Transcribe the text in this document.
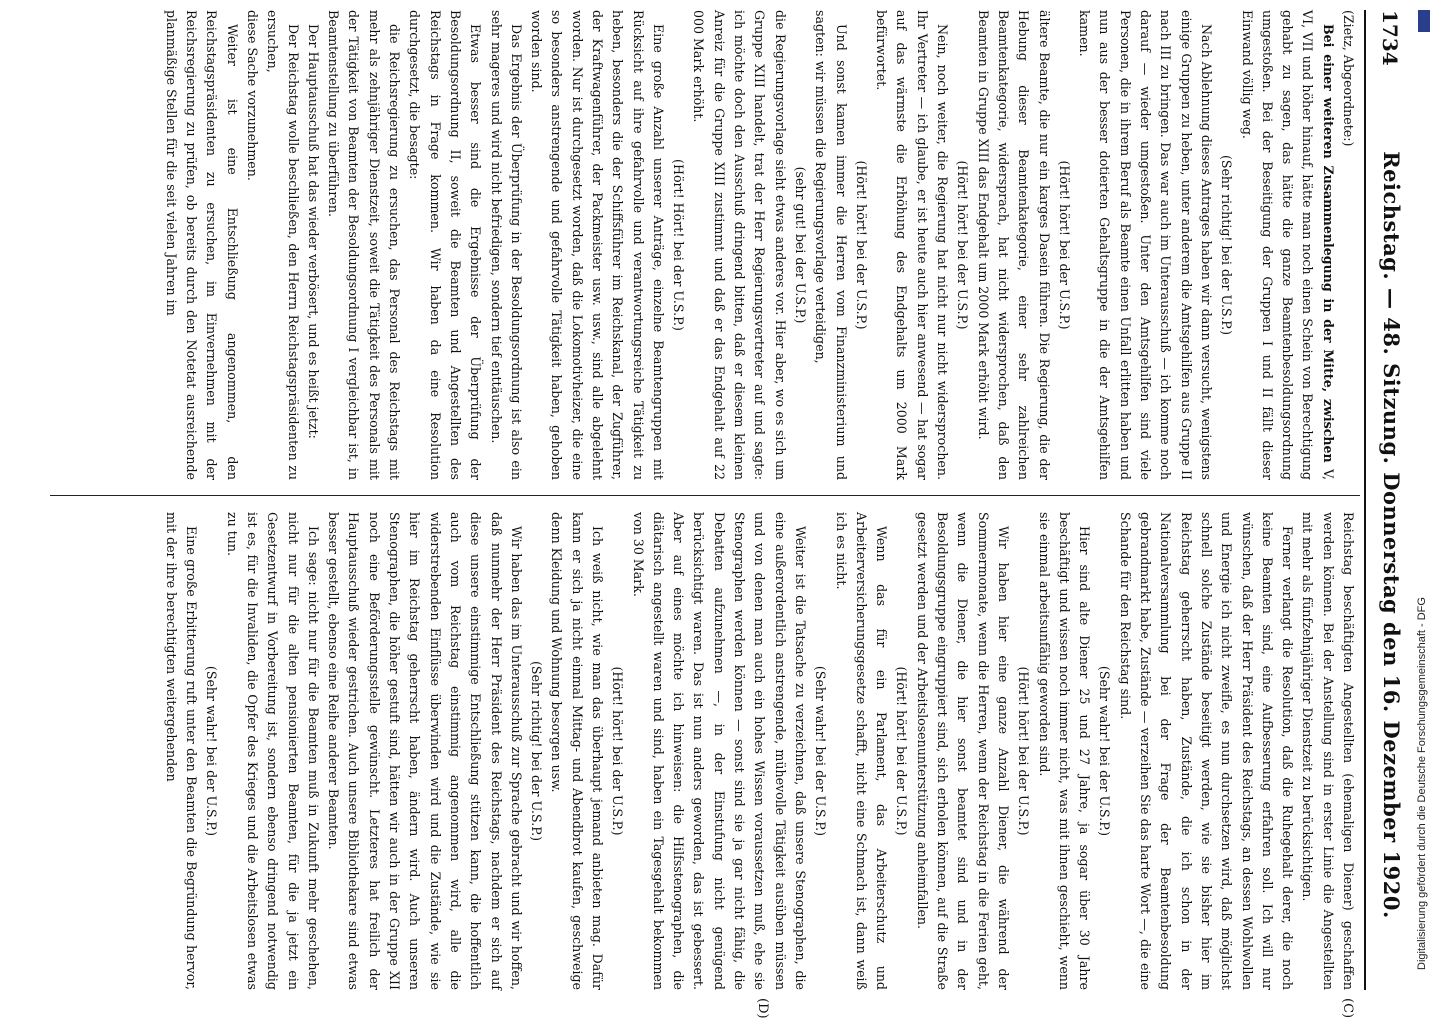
1734
Reichstag. — 48. Sitzung. Donnerstag den 16. Dezember 1920.
(C)
(D)

(Zietz, Abgeordnete:)

Bei einer weiteren Zusammenlegung in der Mitte, zwischen V, VI, VII und höher hinauf, hätte man noch einen Schein von Berechtigung gehabt zu sagen, das hätte die ganze Beamtenbesoldungsordnung umgestoßen. Bei der Beseitigung der Gruppen I und II fällt dieser Einwand völlig weg.

(Sehr richtig! bei der U.S.P.)

Nach Ablehnung dieses Antrages haben wir dann versucht, wenigstens einige Gruppen zu heben, unter anderem die Amtsgehilfen aus Gruppe II nach III zu bringen. Das war auch im Unterausschuß — ich komme noch darauf — wieder umgestoßen. Unter den Amtsgehilfen sind viele Personen, die in ihrem Beruf als Beamte einen Unfall erlitten haben und nun aus der besser dotierten Gehaltsgruppe in die der Amtsgehilfen kamen.

(Hört! hört! bei der U.S.P.)

ältere Beamte, die nur ein karges Dasein führen. Die Regierung, die der Hebung dieser Beamtenkategorie, einer sehr zahlreichen Beamtenkategorie, widersprach, hat nicht widersprochen, daß den Beamten in Gruppe XIII das Endgehalt um 2000 Mark erhöht wird.

(Hört! hört! bei der U.S.P.)

Nein, noch weiter, die Regierung hat nicht nur nicht widersprochen. Ihr Vertreter — ich glaube, er ist heute auch hier anwesend — hat sogar auf das wärmste die Erhöhung des Endgehalts um 2000 Mark befürwortet.

(Hört! hört! bei der U.S.P.)

Und sonst kamen immer die Herren vom Finanzministerium und sagten: wir müssen die Regierungsvorlage verteidigen,

(sehr gut! bei der U.S.P.)

die Regierungsvorlage sieht etwas anderes vor. Hier aber, wo es sich um Gruppe XIII handelt, trat der Herr Regierungsvertreter auf und sagte: ich möchte doch den Ausschuß dringend bitten, daß er diesem kleinen Anreiz für die Gruppe XIII zustimmt und daß er das Endgehalt auf 22 000 Mark erhöht.

(Hört! Hört! bei der U.S.P.)

Eine große Anzahl unserer Anträge, einzelne Beamtengruppen mit Rücksicht auf ihre gefahrvolle und verantwortungsreiche Tätigkeit zu heben, besonders die der Schiffsführer im Reichskanal, der Zugführer, der Kraftwagenführer, der Packmeister usw. usw., sind alle abgelehnt worden. Nur ist durchgesetzt worden, daß die Lokomotivheizer, die eine so besonders anstrengende und gefahrvolle Tätigkeit haben, gehoben worden sind.

Das Ergebnis der Überprüfung in der Besoldungsordnung ist also ein sehr mageres und wird nicht befriedigen, sondern tief enttäuschen.

Etwas besser sind die Ergebnisse der Überprüfung der Besoldungsordnung II, soweit die Beamten und Angestellten des Reichstags in Frage kommen. Wir haben da eine Resolution durchgesetzt, die besagte:

die Reichsregierung zu ersuchen, das Personal des Reichstags mit mehr als zehnjähriger Dienstzeit, soweit die Tätigkeit des Personals mit der Tätigkeit von Beamten der Besoldungsordnung I vergleichbar ist, in Beamtenstellung zu überführen.

Der Hauptausschuß hat das wieder verbösert, und es heißt jetzt:

Der Reichstag wolle beschließen, den Herrn Reichstagspräsidenten zu ersuchen,

diese Sache vorzunehmen.

Weiter ist eine Entschließung angenommen, den Reichstagspräsidenten zu ersuchen, im Einvernehmen mit der Reichsregierung zu prüfen, ob bereits durch den Notetat ausreichende planmäßige Stellen für die seit vielen Jahren im

Reichstag beschäftigten Angestellten (ehemaligen Diener) geschaffen werden können. Bei der Anstellung sind in erster Linie die Angestellten mit mehr als fünfzehnjähriger Dienstzeit zu berücksichtigen.

Ferner verlangt die Resolution, daß die Ruhegehalt derer, die noch keine Beamten sind, eine Aufbesserung erfahren soll. Ich will nur wünschen, daß der Herr Präsident des Reichstags, an dessen Wohlwollen und Energie ich nicht zweifle, es nun durchsetzen wird, daß möglichst schnell solche Zustände beseitigt werden, wie sie bisher hier im Reichstag geherrscht haben, Zustände, die ich schon in der Nationalversammlung bei der Frage der Beamtenbesoldung gebrandmarkt habe, Zustände — verzeihen Sie das harte Wort —, die eine Schande für den Reichstag sind.

(Sehr wahr! bei der U.S.P.)

Hier sind alte Diener 25 und 27 Jahre, ja sogar über 30 Jahre beschäftigt und wissen noch immer nicht, was mit ihnen geschieht, wenn sie einmal arbeitsunfähig geworden sind.

(Hört! hört! bei der U.S.P.)

Wir haben hier eine ganze Anzahl Diener, die während der Sommermonate, wenn die Herren, wenn der Reichstag in die Ferien geht, wenn die Diener, die hier sonst beamtet sind und in der Besoldungsgruppe eingruppiert sind, sich erholen können, auf die Straße gesetzt werden und der Arbeitslosenunterstützung anheimfallen.

(Hört! hört! bei der U.S.P.)

Wenn das für ein Parlament, das Arbeiterschutz und Arbeiterversicherungsgesetze schafft, nicht eine Schmach ist, dann weiß ich es nicht.

(Sehr wahr! bei der U.S.P.)

Weiter ist die Tatsache zu verzeichnen, daß unsere Stenographen, die eine außerordentlich anstrengende, mühevolle Tätigkeit ausüben müssen und von denen man auch ein hohes Wissen voraussetzen muß, ehe sie Stenographen werden können — sonst sind sie ja gar nicht fähig, die Debatten aufzunehmen —, in der Einstufung nicht genügend berücksichtigt waren. Das ist nun anders geworden, das ist gebessert. Aber auf eines möchte ich hinweisen: die Hilfsstenographen, die diätarisch angestellt waren und sind, haben ein Tagesgehalt bekommen von 30 Mark.

(Hört! hört! bei der U.S.P.)

Ich weiß nicht, wie man das überhaupt jemand anbieten mag. Dafür kann er sich ja nicht einmal Mittag- und Abendbrot kaufen, geschweige denn Kleidung und Wohnung besorgen usw.

(Sehr richtig! bei der U.S.P.)

Wir haben das im Unterausschuß zur Sprache gebracht und wir hoffen, daß nunmehr der Herr Präsident des Reichstags, nachdem er sich auf diese unsere einstimmige Entschließung stützen kann, die hoffentlich auch vom Reichstag einstimmig angenommen wird, alle die widerstrebenden Einflüsse überwinden wird und die Zustände, wie sie hier im Reichstag geherrscht haben, ändern wird. Auch unseren Stenographen, die höher gestuft sind, hätten wir auch in der Gruppe XII noch eine Beförderungsstelle gewünscht. Letzteres hat freilich der Hauptausschuß wieder gestrichen. Auch unsere Bibliothekare sind etwas besser gestellt, ebenso eine Reihe anderer Beamten.

Ich sage: nicht nur für die Beamten muß in Zukunft mehr geschehen, nicht nur für die alten pensionierten Beamten, für die ja jetzt ein Gesetzentwurf in Vorbereitung ist, sondern ebenso dringend notwendig ist es, für die Invaliden, die Opfer des Krieges und die Arbeitslosen etwas zu tun.

(Sehr wahr! bei der U.S.P.)

Eine große Erbitterung ruft unter den Beamten die Begründung hervor, mit der ihre berechtigten weitergehenden	Digitalisierung gefördert durch die Deutsche Forschungsgemeinschaft - DFG
